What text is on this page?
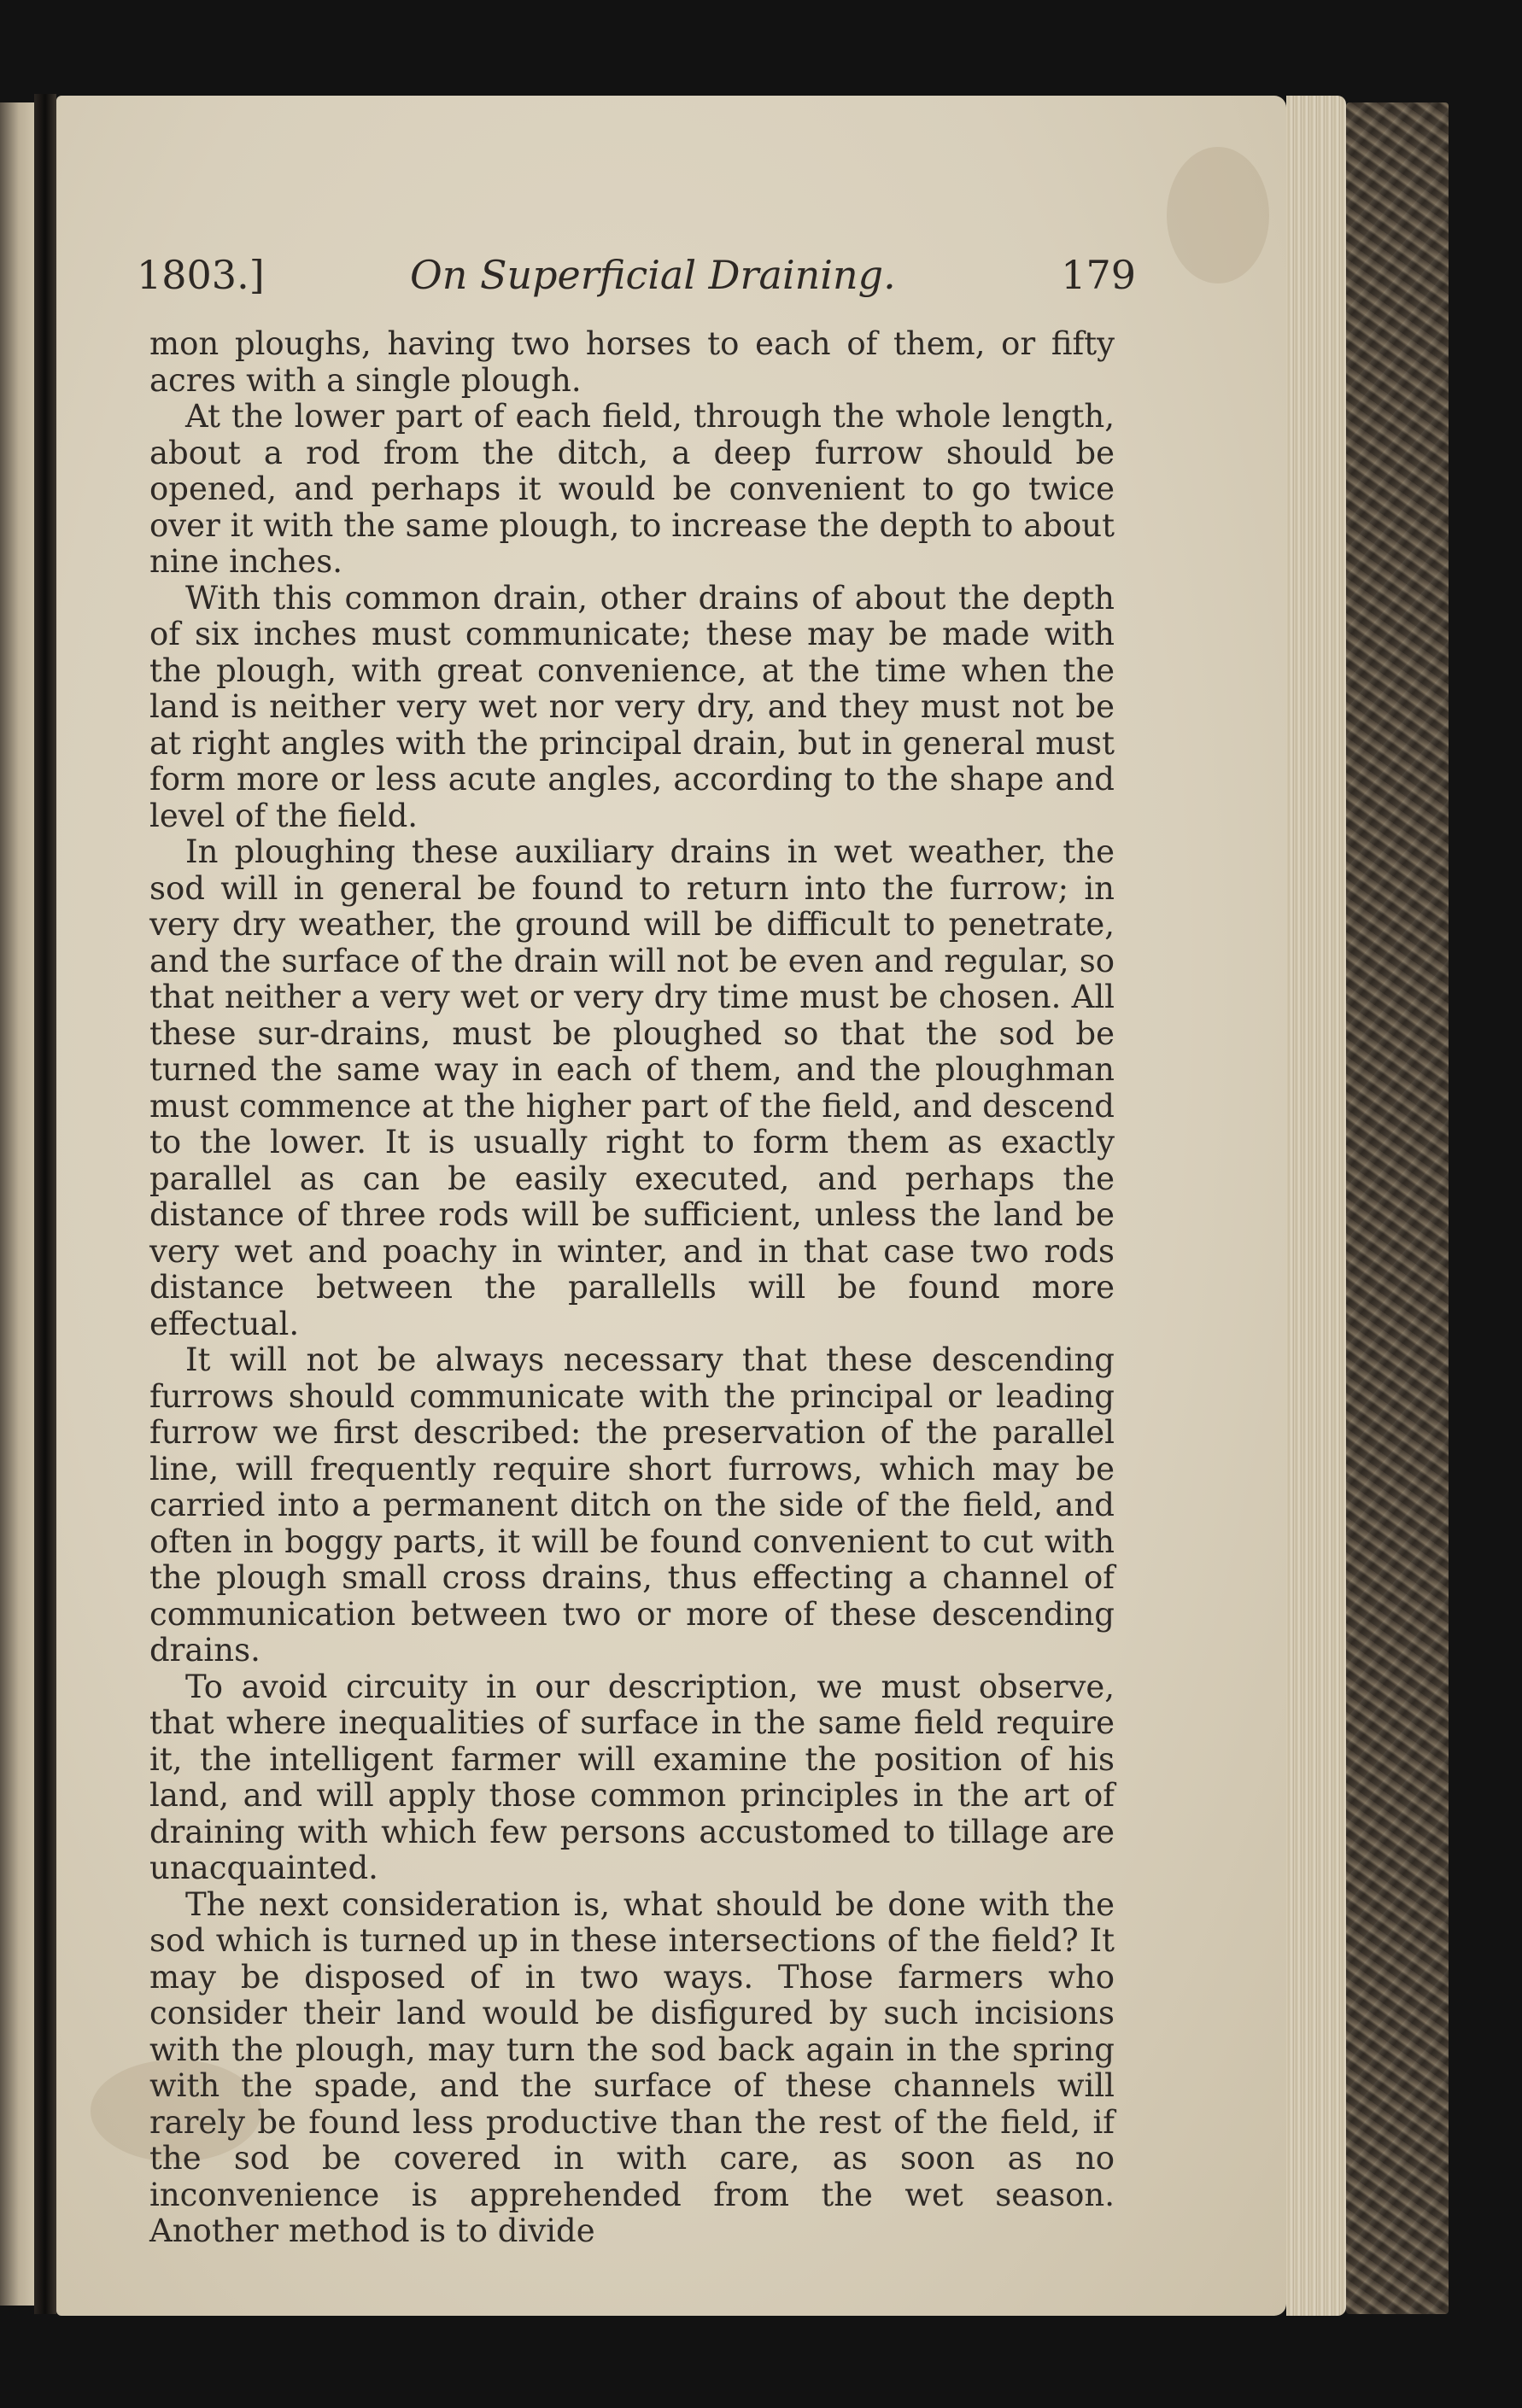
1803.]	On Superficial Draining.	179

mon ploughs, having two horses to each of them, or fifty acres with a single plough.

At the lower part of each field, through the whole length, about a rod from the ditch, a deep furrow should be opened, and perhaps it would be convenient to go twice over it with the same plough, to increase the depth to about nine inches.

With this common drain, other drains of about the depth of six inches must communicate; these may be made with the plough, with great convenience, at the time when the land is neither very wet nor very dry, and they must not be at right angles with the principal drain, but in general must form more or less acute angles, according to the shape and level of the field.

In ploughing these auxiliary drains in wet weather, the sod will in general be found to return into the furrow; in very dry weather, the ground will be difficult to penetrate, and the surface of the drain will not be even and regular, so that neither a very wet or very dry time must be chosen. All these sur-drains, must be ploughed so that the sod be turned the same way in each of them, and the ploughman must commence at the higher part of the field, and descend to the lower. It is usually right to form them as exactly parallel as can be easily executed, and perhaps the distance of three rods will be sufficient, unless the land be very wet and poachy in winter, and in that case two rods distance between the parallells will be found more effectual.

It will not be always necessary that these descending furrows should communicate with the principal or leading furrow we first described: the preservation of the parallel line, will frequently require short furrows, which may be carried into a permanent ditch on the side of the field, and often in boggy parts, it will be found convenient to cut with the plough small cross drains, thus effecting a channel of communication between two or more of these descending drains.

To avoid circuity in our description, we must observe, that where inequalities of surface in the same field require it, the intelligent farmer will examine the position of his land, and will apply those common principles in the art of draining with which few persons accustomed to tillage are unacquainted.

The next consideration is, what should be done with the sod which is turned up in these intersections of the field? It may be disposed of in two ways. Those farmers who consider their land would be disfigured by such incisions with the plough, may turn the sod back again in the spring with the spade, and the surface of these channels will rarely be found less productive than the rest of the field, if the sod be covered in with care, as soon as no inconvenience is apprehended from the wet season. Another method is to divide
